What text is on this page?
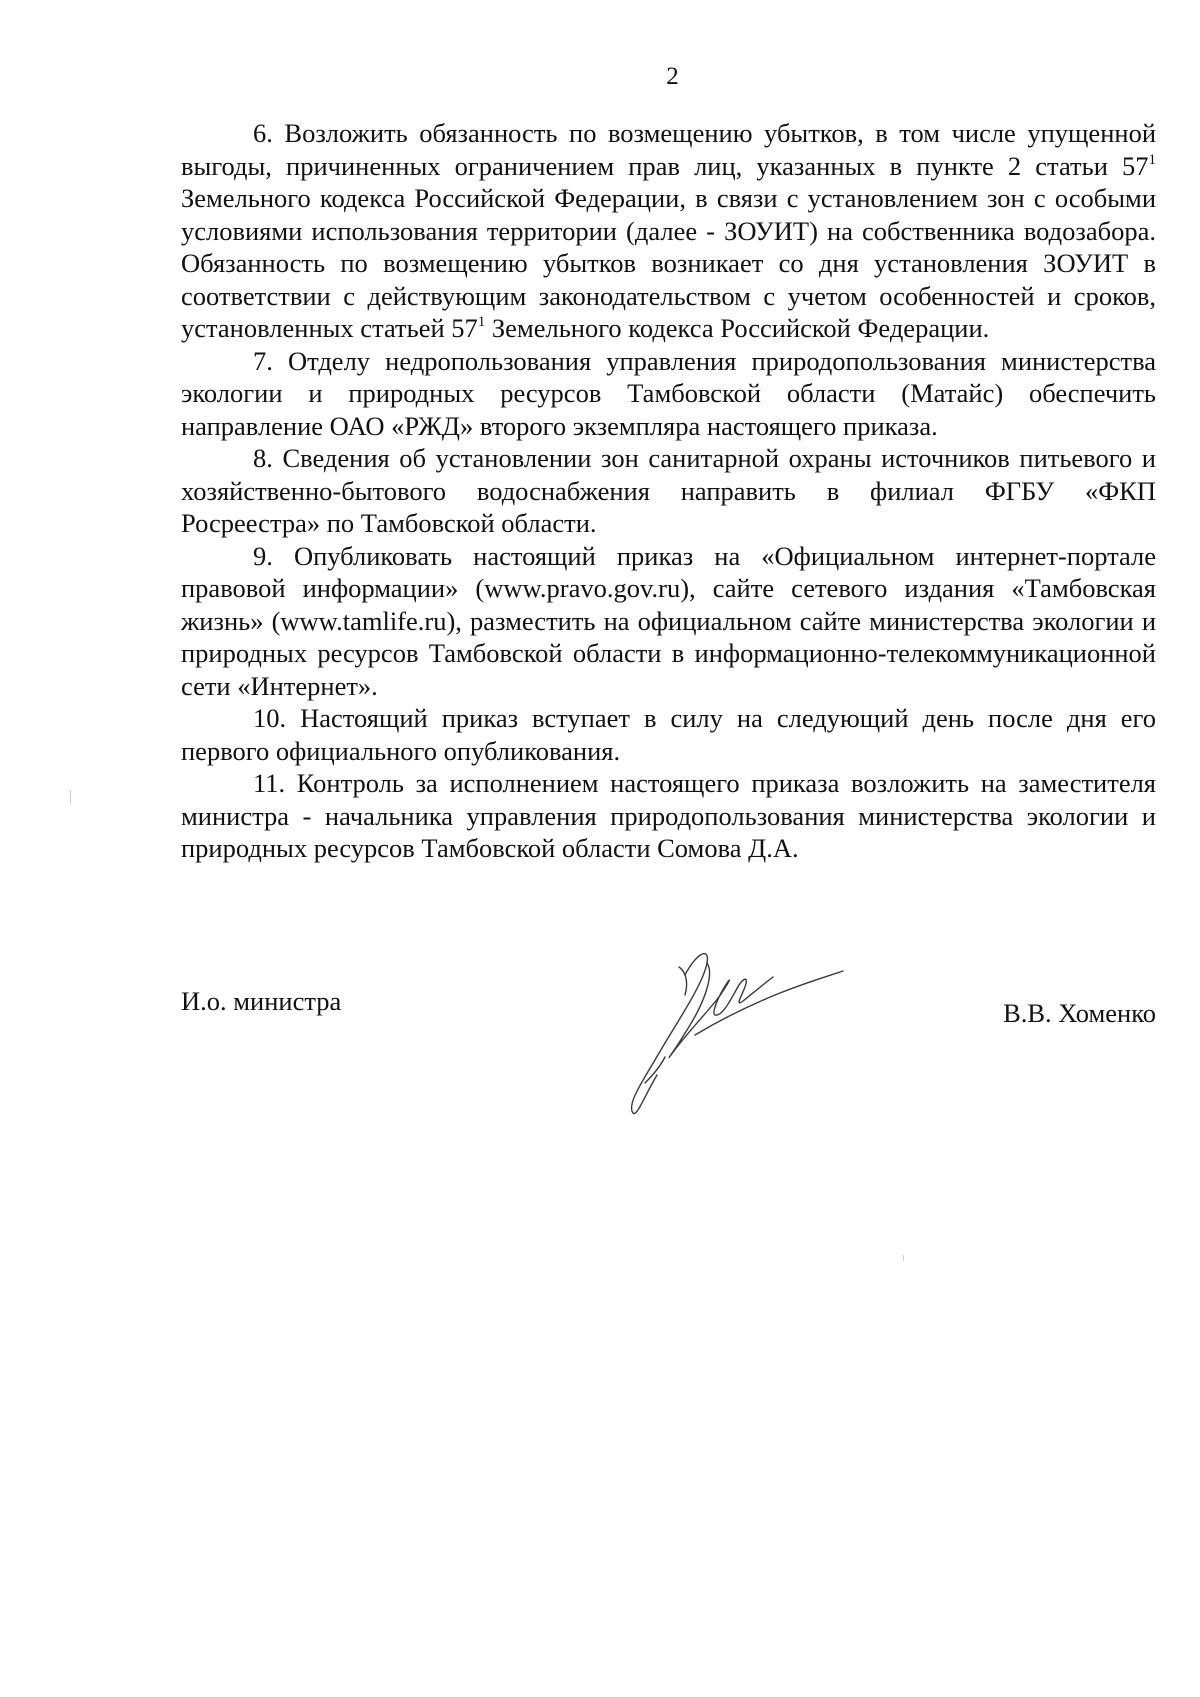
2

6. Возложить обязанность по возмещению убытков, в том числе упущенной выгоды, причиненных ограничением прав лиц, указанных в пункте 2 статьи $57^1$ Земельного кодекса Российской Федерации, в связи с установлением зон с особыми условиями использования территории (далее - ЗОУИТ) на собственника водозабора. Обязанность по возмещению убытков возникает со дня установления ЗОУИТ в соответствии с действующим законодательством с учетом особенностей и сроков, установленных статьей $57^1$ Земельного кодекса Российской Федерации.

7. Отделу недропользования управления природопользования министерства экологии и природных ресурсов Тамбовской области (Матайс) обеспечить направление ОАО «РЖД» второго экземпляра настоящего приказа.

8. Сведения об установлении зон санитарной охраны источников питьевого и хозяйственно-бытового водоснабжения направить в филиал ФГБУ «ФКП Росреестра» по Тамбовской области.

9. Опубликовать настоящий приказ на «Официальном интернет-портале правовой информации» (www.pravo.gov.ru), сайте сетевого издания «Тамбовская жизнь» (www.tamlife.ru), разместить на официальном сайте министерства экологии и природных ресурсов Тамбовской области в информационно-телекоммуникационной сети «Интернет».

10. Настоящий приказ вступает в силу на следующий день после дня его первого официального опубликования.

11. Контроль за исполнением настоящего приказа возложить на заместителя министра - начальника управления природопользования министерства экологии и природных ресурсов Тамбовской области Сомова Д.А.

И.о. министра	В.В. Хоменко
